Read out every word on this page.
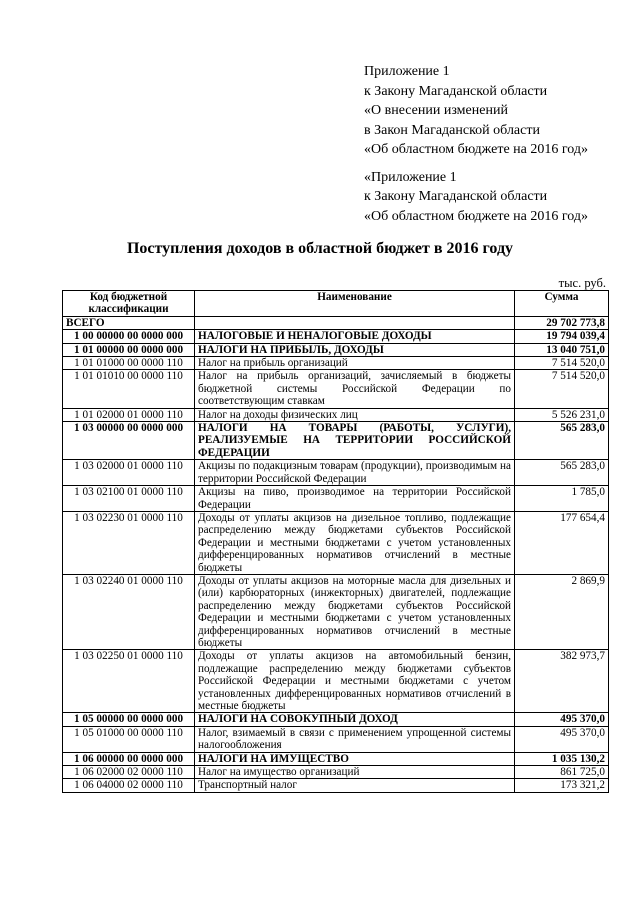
Приложение 1
к Закону Магаданской области
«О внесении изменений
в Закон Магаданской области
«Об областном бюджете на 2016 год»
«Приложение 1
к Закону Магаданской области
«Об областном бюджете на 2016 год»
Поступления доходов в областной бюджет в 2016 году
тыс. руб.
Код бюджетной классификации	Наименование	Сумма
ВСЕГО		29 702 773,8
1 00 00000 00 0000 000	НАЛОГОВЫЕ И НЕНАЛОГОВЫЕ ДОХОДЫ	19 794 039,4
1 01 00000 00 0000 000	НАЛОГИ НА ПРИБЫЛЬ, ДОХОДЫ	13 040 751,0
1 01 01000 00 0000 110	Налог на прибыль организаций	7 514 520,0
1 01 01010 00 0000 110	Налог на прибыль организаций, зачисляемый в бюджеты бюджетной системы Российской Федерации по соответствующим ставкам	7 514 520,0
1 01 02000 01 0000 110	Налог на доходы физических лиц	5 526 231,0
1 03 00000 00 0000 000	НАЛОГИ НА ТОВАРЫ (РАБОТЫ, УСЛУГИ), РЕАЛИЗУЕМЫЕ НА ТЕРРИТОРИИ РОССИЙСКОЙ ФЕДЕРАЦИИ	565 283,0
1 03 02000 01 0000 110	Акцизы по подакцизным товарам (продукции), производимым на территории Российской Федерации	565 283,0
1 03 02100 01 0000 110	Акцизы на пиво, производимое на территории Российской Федерации	1 785,0
1 03 02230 01 0000 110	Доходы от уплаты акцизов на дизельное топливо, подлежащие распределению между бюджетами субъектов Российской Федерации и местными бюджетами с учетом установленных дифференцированных нормативов отчислений в местные бюджеты	177 654,4
1 03 02240 01 0000 110	Доходы от уплаты акцизов на моторные масла для дизельных и (или) карбюраторных (инжекторных) двигателей, подлежащие распределению между бюджетами субъектов Российской Федерации и местными бюджетами с учетом установленных дифференцированных нормативов отчислений в местные бюджеты	2 869,9
1 03 02250 01 0000 110	Доходы от уплаты акцизов на автомобильный бензин, подлежащие распределению между бюджетами субъектов Российской Федерации и местными бюджетами с учетом установленных дифференцированных нормативов отчислений в местные бюджеты	382 973,7
1 05 00000 00 0000 000	НАЛОГИ НА СОВОКУПНЫЙ ДОХОД	495 370,0
1 05 01000 00 0000 110	Налог, взимаемый в связи с применением упрощенной системы налогообложения	495 370,0
1 06 00000 00 0000 000	НАЛОГИ НА ИМУЩЕСТВО	1 035 130,2
1 06 02000 02 0000 110	Налог на имущество организаций	861 725,0
1 06 04000 02 0000 110	Транспортный налог	173 321,2
